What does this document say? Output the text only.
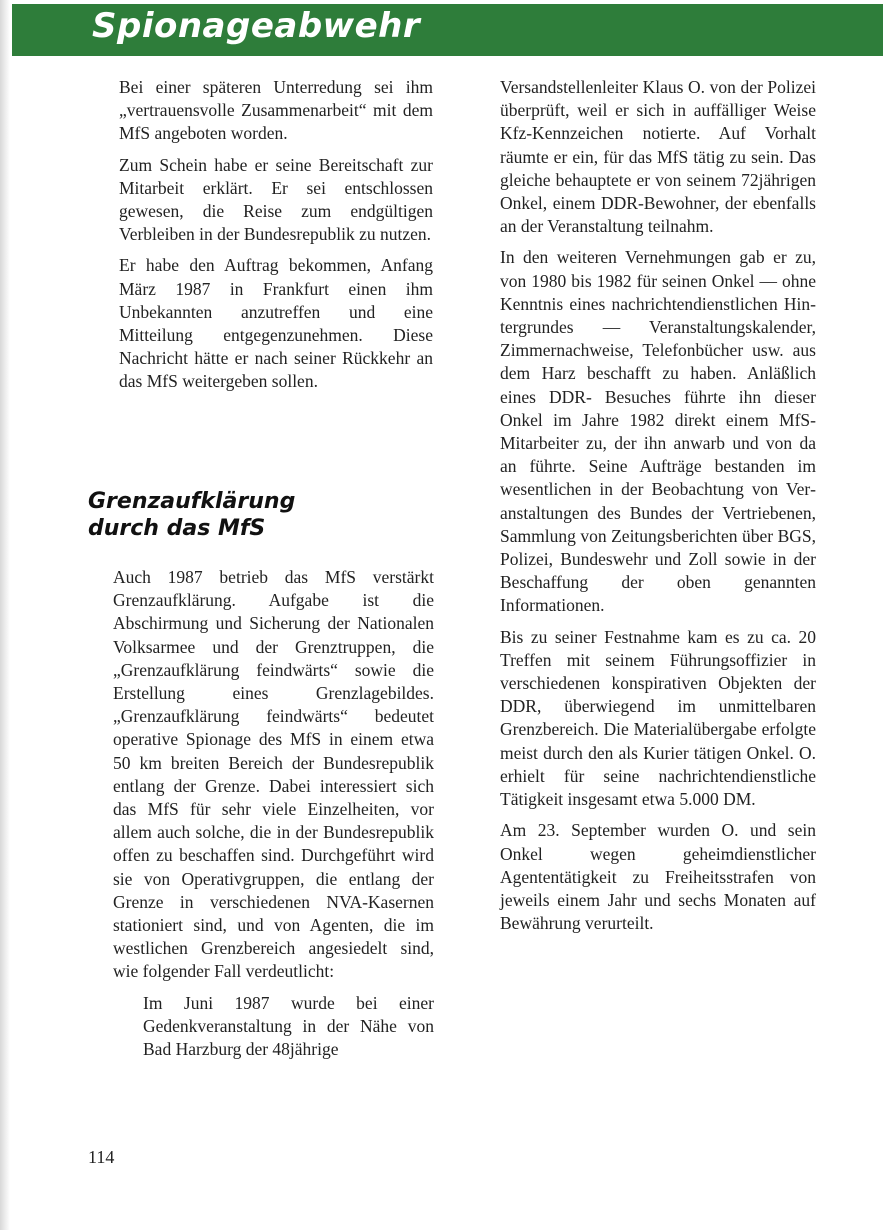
Spionageabwehr

Bei einer späteren Unterredung sei ihm „vertrauensvolle Zusammenarbeit“ mit dem MfS angeboten worden.

Zum Schein habe er seine Bereitschaft zur Mitarbeit erklärt. Er sei entschlossen gewesen, die Reise zum endgültigen Verbleiben in der Bundesrepublik zu nutzen.

Er habe den Auftrag bekommen, Anfang März 1987 in Frankfurt einen ihm Unbekannten anzutreffen und eine Mitteilung entgegenzunehmen. Diese Nachricht hätte er nach seiner Rückkehr an das MfS weitergeben sollen.

Grenzaufklärung
durch das MfS

Auch 1987 betrieb das MfS verstärkt Grenzaufklärung. Aufgabe ist die Abschirmung und Sicherung der Nationalen Volksarmee und der Grenztruppen, die „Grenzaufklärung feindwärts“ sowie die Erstellung eines Grenzlagebildes. „Grenzaufklärung feindwärts“ bedeutet operative Spionage des MfS in einem etwa 50 km breiten Bereich der Bundesrepublik entlang der Grenze. Dabei interessiert sich das MfS für sehr viele Einzelheiten, vor allem auch solche, die in der Bundesrepublik offen zu beschaffen sind. Durchgeführt wird sie von Operativgruppen, die entlang der Grenze in verschiedenen NVA-Kasernen stationiert sind, und von Agenten, die im westlichen Grenzbereich angesiedelt sind, wie folgender Fall verdeutlicht:

Im Juni 1987 wurde bei einer Gedenkveranstaltung in der Nähe von Bad Harzburg der 48jährige

Versandstellenleiter Klaus O. von der Polizei überprüft, weil er sich in auffälliger Weise Kfz-Kennzeichen notierte. Auf Vorhalt räumte er ein, für das MfS tätig zu sein. Das gleiche behauptete er von seinem 72jährigen Onkel, einem DDR-Bewohner, der ebenfalls an der Veranstaltung teilnahm.

In den weiteren Vernehmungen gab er zu, von 1980 bis 1982 für seinen Onkel — ohne Kenntnis eines nachrichtendienstlichen Hintergrundes — Veranstaltungskalender, Zimmernachweise, Telefonbücher usw. aus dem Harz beschafft zu haben. Anläßlich eines DDR- Besuches führte ihn dieser Onkel im Jahre 1982 direkt einem MfS- Mitarbeiter zu, der ihn anwarb und von da an führte. Seine Aufträge bestanden im wesentlichen in der Beobachtung von Veranstaltungen des Bundes der Vertriebenen, Sammlung von Zeitungsberichten über BGS, Polizei, Bundeswehr und Zoll sowie in der Beschaffung der oben genannten Informationen.

Bis zu seiner Festnahme kam es zu ca. 20 Treffen mit seinem Führungsoffizier in verschiedenen konspirativen Objekten der DDR, überwiegend im unmittelbaren Grenzbereich. Die Materialübergabe erfolgte meist durch den als Kurier tätigen Onkel. O. erhielt für seine nachrichtendienstliche Tätigkeit insgesamt etwa 5.000 DM.

Am 23. September wurden O. und sein Onkel wegen geheimdienstlicher Agententätigkeit zu Freiheitsstrafen von jeweils einem Jahr und sechs Monaten auf Bewährung verurteilt.

114
